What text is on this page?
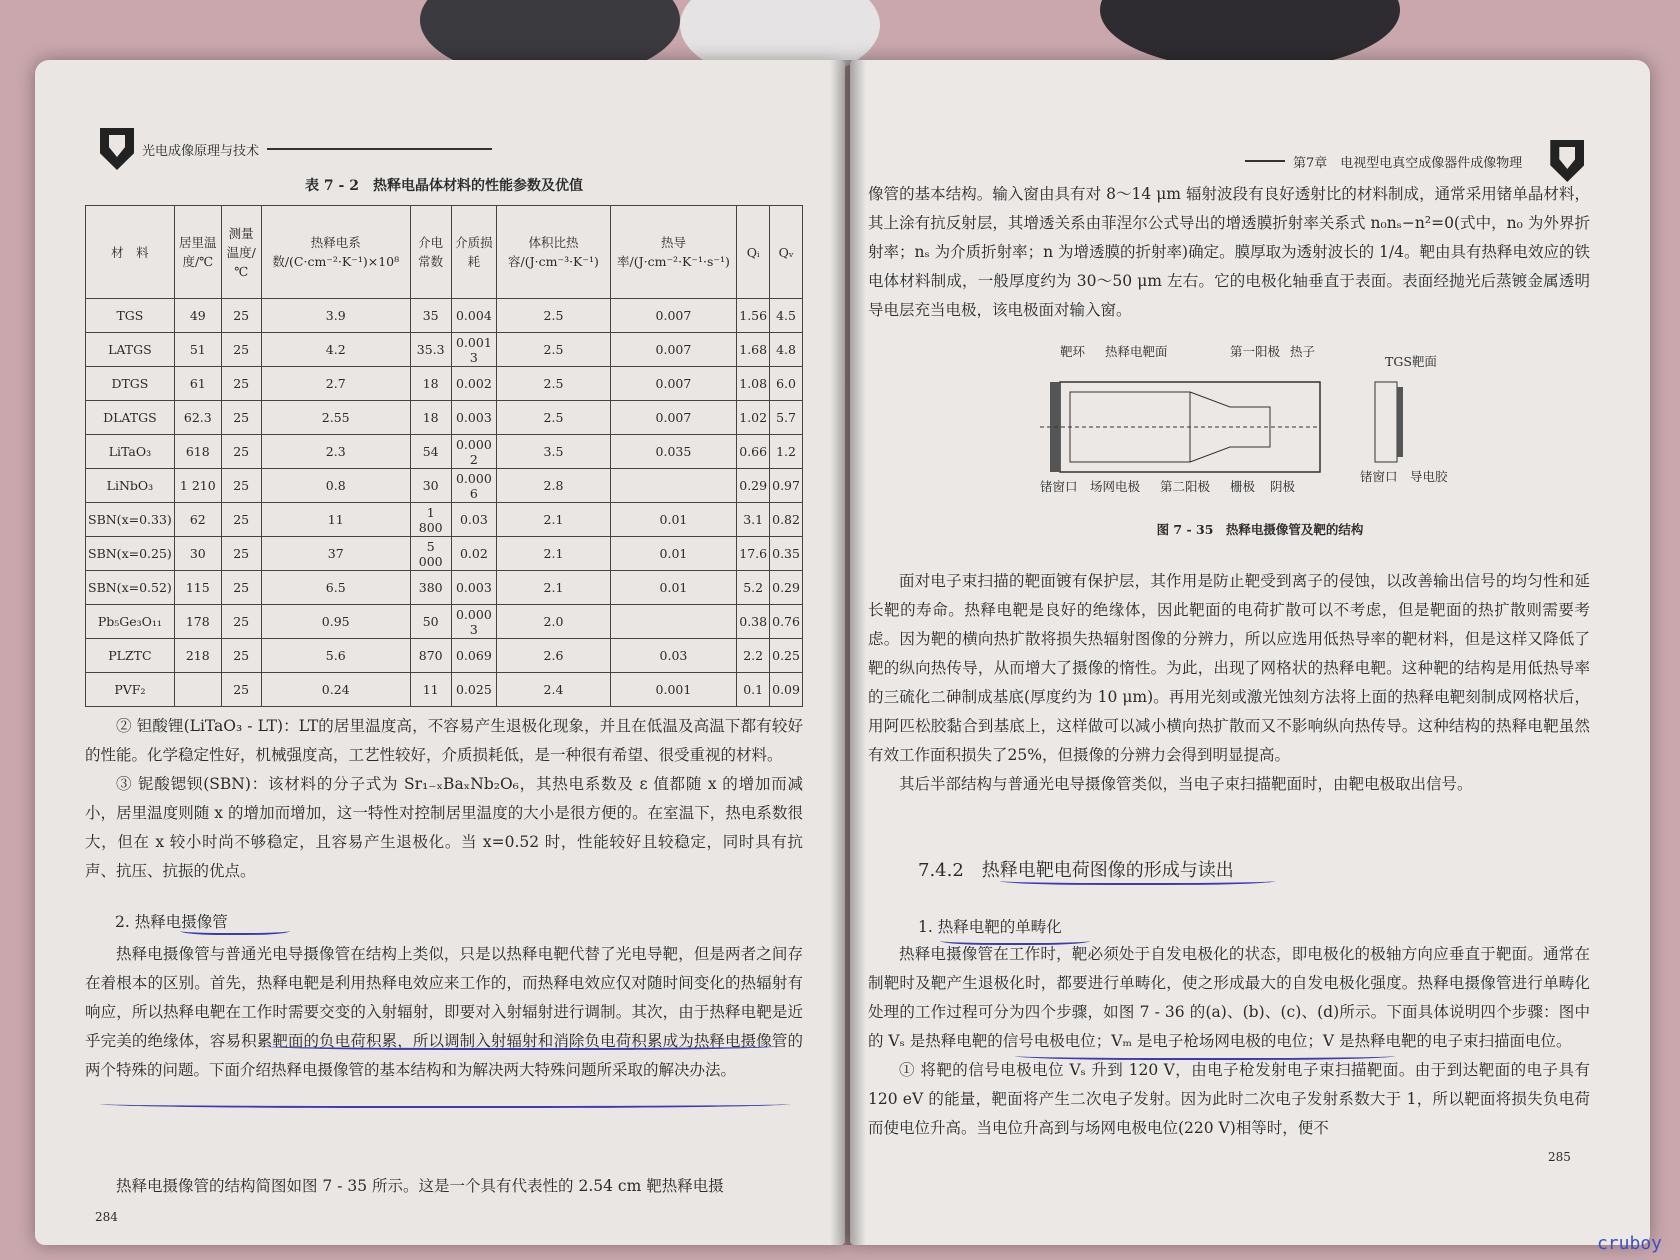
光电成像原理与技术
表 7 - 2　热释电晶体材料的性能参数及优值
材　料	居里温度/℃	测量温度/℃	热释电系数/(C·cm⁻²·K⁻¹)×10⁸	介电常数	介质损耗	体积比热容/(J·cm⁻³·K⁻¹)	热导率/(J·cm⁻²·K⁻¹·s⁻¹)	Qᵢ	Qᵥ
TGS	49	25	3.9	35	0.004	2.5	0.007	1.56	4.5
LATGS	51	25	4.2	35.3	0.001 3	2.5	0.007	1.68	4.8
DTGS	61	25	2.7	18	0.002	2.5	0.007	1.08	6.0
DLATGS	62.3	25	2.55	18	0.003	2.5	0.007	1.02	5.7
LiTaO₃	618	25	2.3	54	0.000 2	3.5	0.035	0.66	1.2
LiNbO₃	1 210	25	0.8	30	0.000 6	2.8		0.29	0.97
SBN(x=0.33)	62	25	11	1 800	0.03	2.1	0.01	3.1	0.82
SBN(x=0.25)	30	25	37	5 000	0.02	2.1	0.01	17.6	0.35
SBN(x=0.52)	115	25	6.5	380	0.003	2.1	0.01	5.2	0.29
Pb₅Ge₃O₁₁	178	25	0.95	50	0.000 3	2.0		0.38	0.76
PLZTC	218	25	5.6	870	0.069	2.6	0.03	2.2	0.25
PVF₂		25	0.24	11	0.025	2.4	0.001	0.1	0.09

② 钽酸锂(LiTaO₃ - LT)：LT的居里温度高，不容易产生退极化现象，并且在低温及高温下都有较好的性能。化学稳定性好，机械强度高，工艺性较好，介质损耗低，是一种很有希望、很受重视的材料。

③ 铌酸锶钡(SBN)：该材料的分子式为 Sr₁₋ₓBaₓNb₂O₆，其热电系数及 ε 值都随 x 的增加而减小，居里温度则随 x 的增加而增加，这一特性对控制居里温度的大小是很方便的。在室温下，热电系数很大，但在 x 较小时尚不够稳定，且容易产生退极化。当 x=0.52 时，性能较好且较稳定，同时具有抗声、抗压、抗振的优点。

2. 热释电摄像管

热释电摄像管与普通光电导摄像管在结构上类似，只是以热释电靶代替了光电导靶，但是两者之间存在着根本的区别。首先，热释电靶是利用热释电效应来工作的，而热释电效应仅对随时间变化的热辐射有响应，所以热释电靶在工作时需要交变的入射辐射，即要对入射辐射进行调制。其次，由于热释电靶是近乎完美的绝缘体，容易积累靶面的负电荷积累，所以调制入射辐射和消除负电荷积累成为热释电摄像管的两个特殊的问题。下面介绍热释电摄像管的基本结构和为解决两大特殊问题所采取的解决办法。

热释电摄像管的结构简图如图 7 - 35 所示。这是一个具有代表性的 2.54 cm 靶热释电摄

284
第7章　电视型电真空成像器件成像物理

像管的基本结构。输入窗由具有对 8～14 μm 辐射波段有良好透射比的材料制成，通常采用锗单晶材料，其上涂有抗反射层，其增透关系由菲涅尔公式导出的增透膜折射率关系式 n₀nₛ−n²=0(式中，n₀ 为外界折射率；nₛ 为介质折射率；n 为增透膜的折射率)确定。膜厚取为透射波长的 1/4。靶由具有热释电效应的铁电体材料制成，一般厚度约为 30～50 μm 左右。它的电极化轴垂直于表面。表面经抛光后蒸镀金属透明导电层充当电极，该电极面对输入窗。

靶环 热释电靶面	第一阳极 热子
TGS靶面
锗窗口 场网电极 第二阳极 栅极 阴极
锗窗口 导电胶
图 7 - 35　热释电摄像管及靶的结构

面对电子束扫描的靶面镀有保护层，其作用是防止靶受到离子的侵蚀，以改善输出信号的均匀性和延长靶的寿命。热释电靶是良好的绝缘体，因此靶面的电荷扩散可以不考虑，但是靶面的热扩散则需要考虑。因为靶的横向热扩散将损失热辐射图像的分辨力，所以应选用低热导率的靶材料，但是这样又降低了靶的纵向热传导，从而增大了摄像的惰性。为此，出现了网格状的热释电靶。这种靶的结构是用低热导率的三硫化二砷制成基底(厚度约为 10 μm)。再用光刻或激光蚀刻方法将上面的热释电靶刻制成网格状后，用阿匹松胶黏合到基底上，这样做可以减小横向热扩散而又不影响纵向热传导。这种结构的热释电靶虽然有效工作面积损失了25%，但摄像的分辨力会得到明显提高。

其后半部结构与普通光电导摄像管类似，当电子束扫描靶面时，由靶电极取出信号。

7.4.2　热释电靶电荷图像的形成与读出
1. 热释电靶的单畴化

热释电摄像管在工作时，靶必须处于自发电极化的状态，即电极化的极轴方向应垂直于靶面。通常在制靶时及靶产生退极化时，都要进行单畴化，使之形成最大的自发电极化强度。热释电摄像管进行单畴化处理的工作过程可分为四个步骤，如图 7 - 36 的(a)、(b)、(c)、(d)所示。下面具体说明四个步骤：图中的 Vₛ 是热释电靶的信号电极电位；Vₘ 是电子枪场网电极的电位；V 是热释电靶的电子束扫描面电位。

① 将靶的信号电极电位 Vₛ 升到 120 V，由电子枪发射电子束扫描靶面。由于到达靶面的电子具有 120 eV 的能量，靶面将产生二次电子发射。因为此时二次电子发射系数大于 1，所以靶面将损失负电荷而使电位升高。当电位升高到与场网电极电位(220 V)相等时，便不

285
cruboy
